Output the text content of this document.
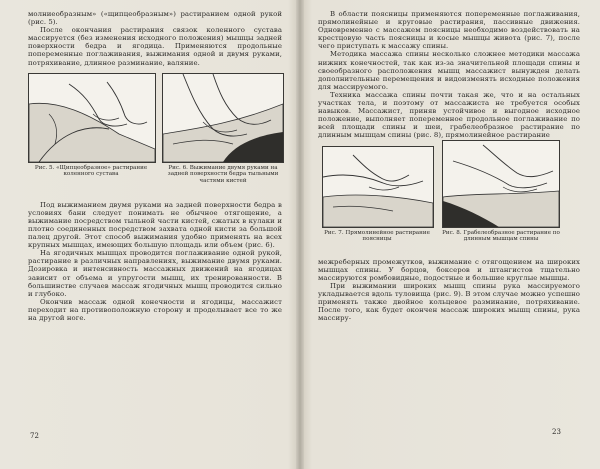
молниеобразным» («щипцеобразным») растиранием одной рукой (рис. 5).

После окончания растирания связок коленного сустава массируется (без изменения исходного положения) мышцы задней поверхности бедра и ягодица. Применяются продольные попеременные поглаживания, выжимания одной и двумя руками, потряхивание, длинное разминание, валяние.

Рис. 5. «Щипцеобразное» растирание коленного сустава
Рис. 6. Выжимание двумя руками на задней поверхности бедра тыльными частями кистей

Под выжиманием двумя руками на задней поверхности бедра в условиях бани следует понимать не обычное отягощение, а выжимание посредством тыльной части кистей, сжатых в кулаки и плотно соединенных посредством захвата одной кисти за большой палец другой. Этот способ выжимания удобно применять на всех крупных мышцах, имеющих большую площадь или объем (рис. 6).

На ягодичных мышцах проводится поглаживание одной рукой, растирание в различных направлениях, выжимание двумя руками. Дозировка и интенсивность массажных движений на ягодицах зависит от объема и упругости мышц, их тренированности. В большинстве случаев массаж ягодичных мышц проводится сильно и глубоко.

Окончив массаж одной конечности и ягодицы, массажист переходит на противоположную сторону и проделывает все то же на другой ноге.

72

В области поясницы применяются попеременные поглаживания, прямолинейные и круговые растирания, пассивные движения. Одновременно с массажем поясницы необходимо воздействовать на крестцовую часть поясницы и косые мышцы живота (рис. 7), после чего приступать к массажу спины.

Методика массажа спины несколько сложнее методики массажа нижних конечностей, так как из-за значительной площади спины и своеобразного расположения мышц массажист вынужден делать дополнительные перемещения и видоизменять исходные положения для массируемого.

Техника массажа спины почти такая же, что и на остальных участках тела, и поэтому от массажиста не требуется особых навыков. Массажист, приняв устойчивое и выгодное исходное положение, выполняет попеременное продольное поглаживание по всей площади спины и шеи, грабелеобразное растирание по длинным мышцам спины (рис. 8), прямолинейное растирание

Рис. 7. Прямолинейное растирание поясницы
Рис. 8. Грабелеобразное растирание по длинным мышцам спины

межреберных промежутков, выжимание с отягощением на широких мышцах спины. У борцов, боксеров и штангистов тщательно массируются ромбовидные, подостные и большие круглые мышцы.

При выжимании широких мышц спины рука массируемого укладывается вдоль туловища (рис. 9). В этом случае можно успешно применять также двойное кольцевое разминание, потряхивание. После того, как будет окончен массаж широких мышц спины, рука массиру-

23
